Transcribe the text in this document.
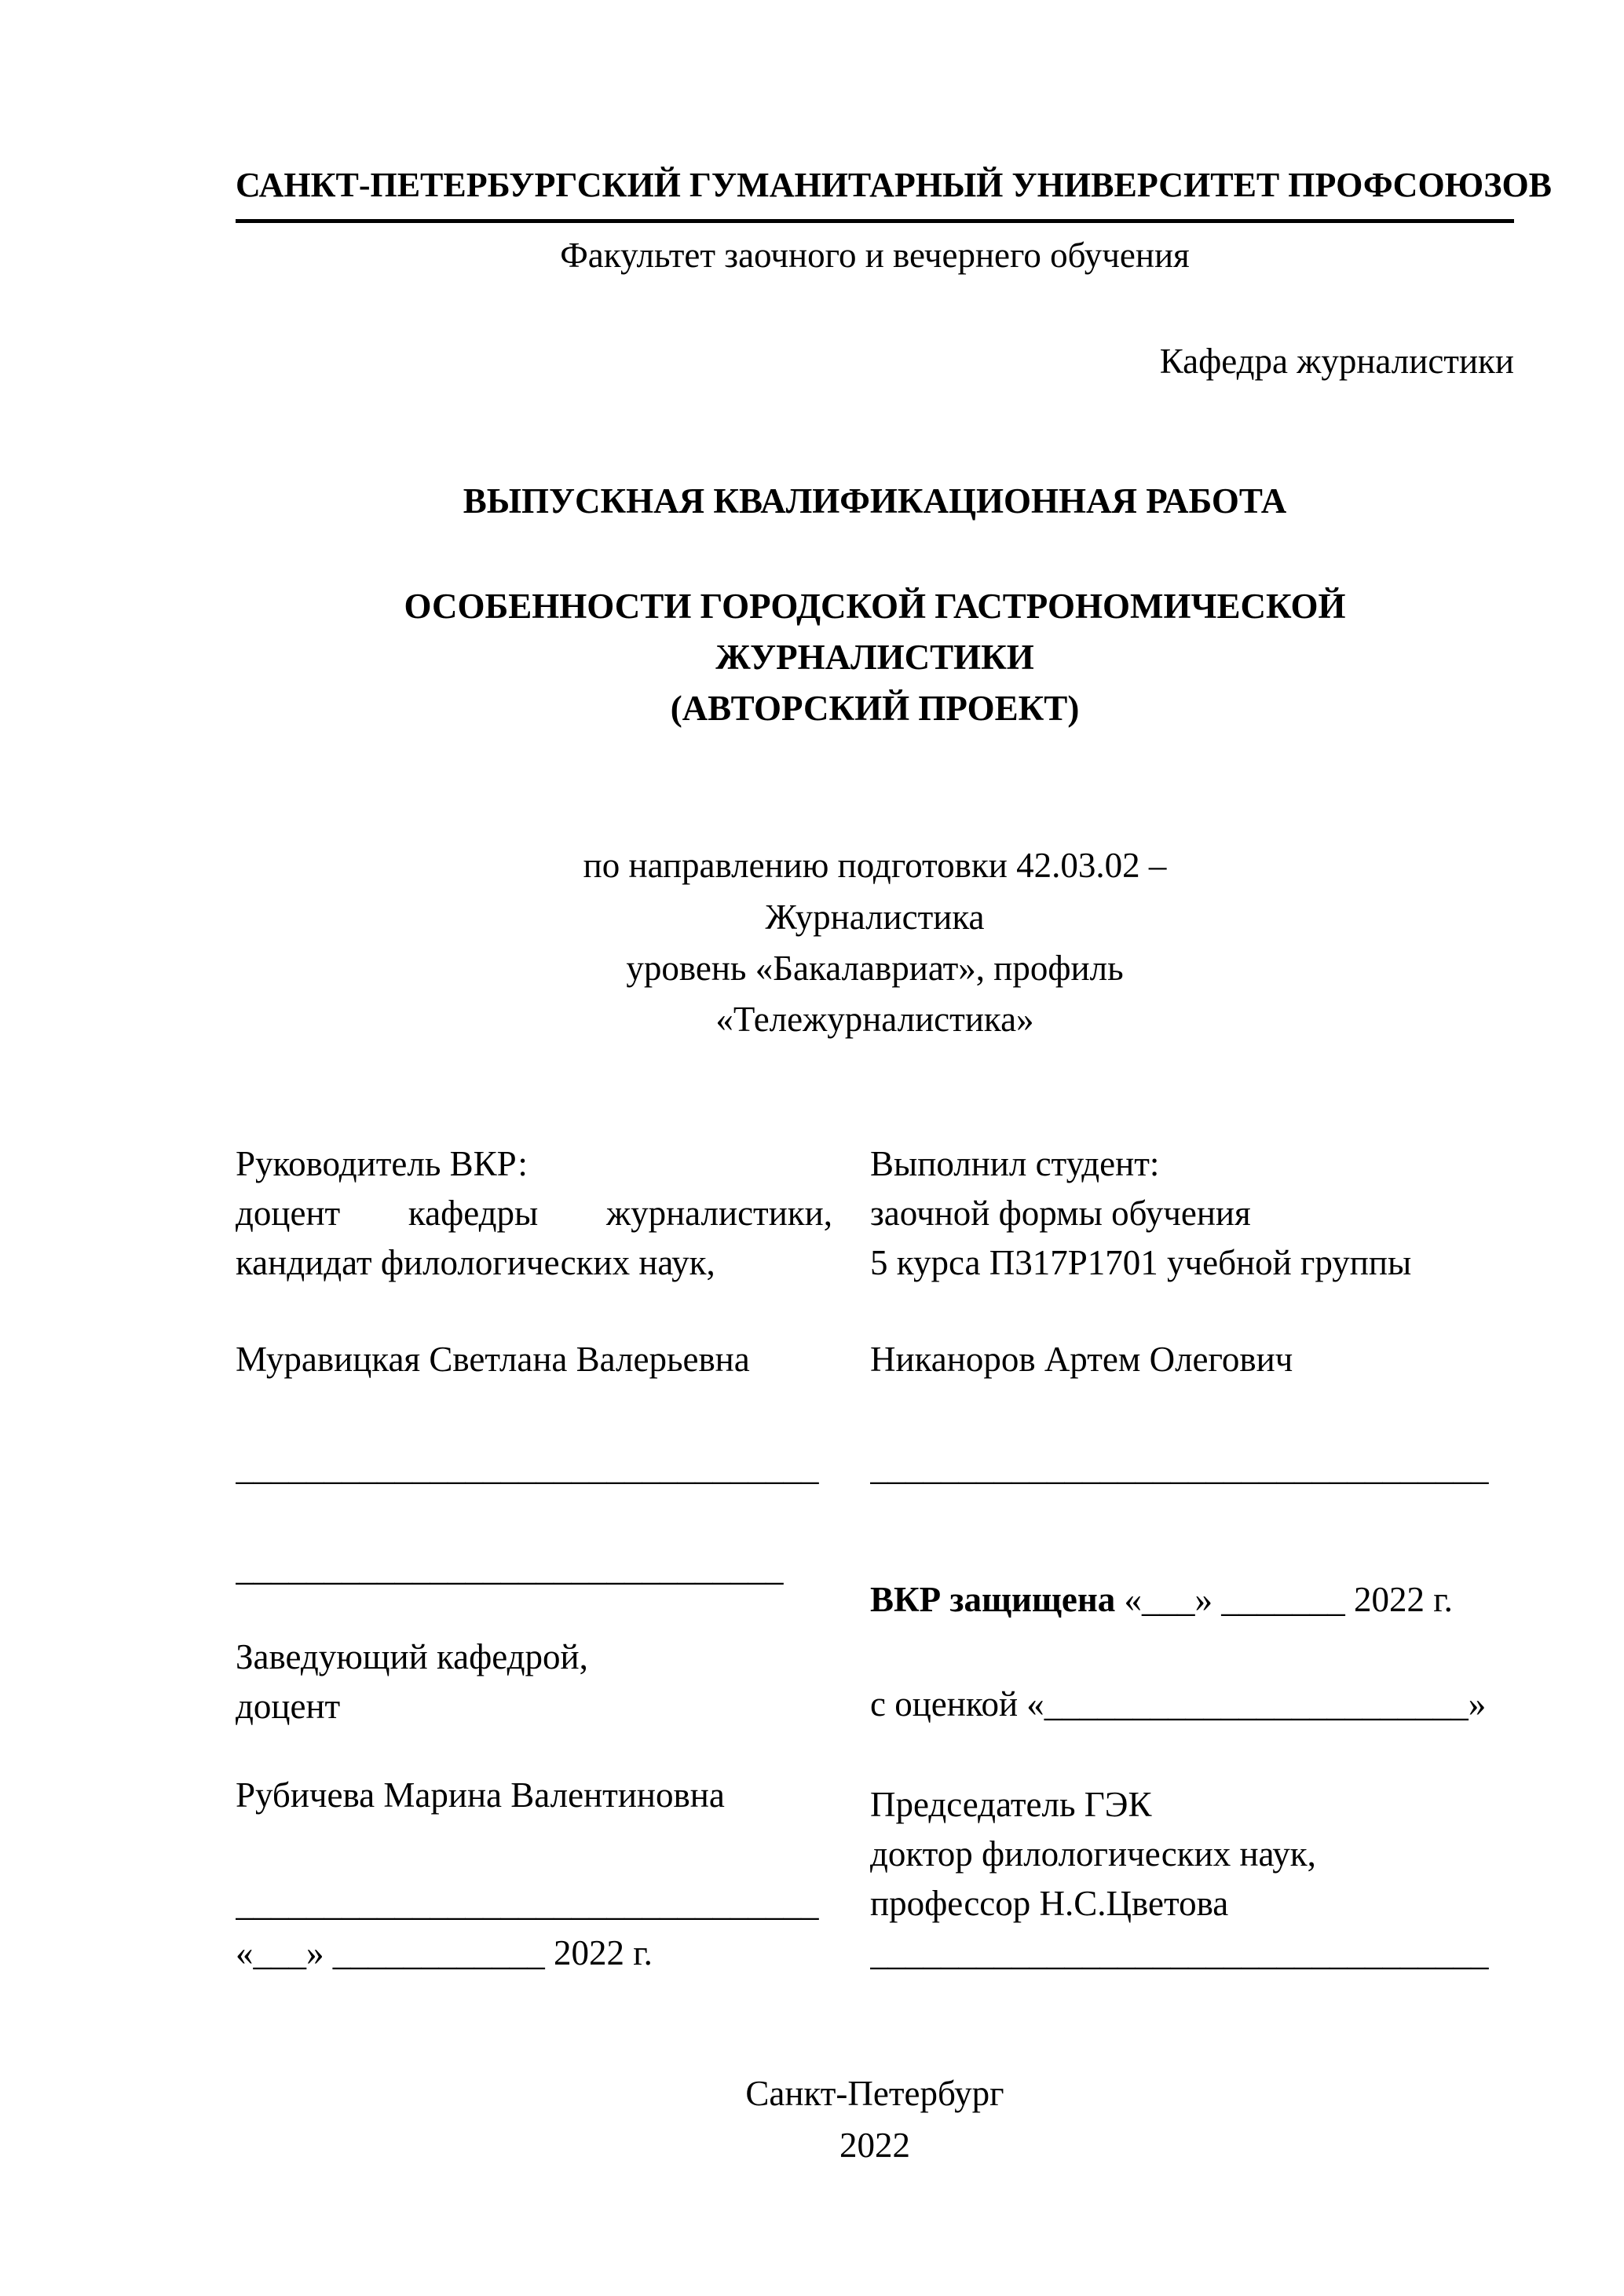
САНКТ-ПЕТЕРБУРГСКИЙ ГУМАНИТАРНЫЙ УНИВЕРСИТЕТ ПРОФСОЮЗОВ
Факультет заочного и вечернего обучения
Кафедра журналистики
ВЫПУСКНАЯ КВАЛИФИКАЦИОННАЯ РАБОТА
ОСОБЕННОСТИ ГОРОДСКОЙ ГАСТРОНОМИЧЕСКОЙ
ЖУРНАЛИСТИКИ
(АВТОРСКИЙ ПРОЕКТ)
по направлению подготовки 42.03.02 –
Журналистика
уровень «Бакалавриат», профиль
«Тележурналистика»
Руководитель ВКР:
доцент кафедры журналистики,
кандидат филологических наук,
Муравицкая Светлана Валерьевна
_________________________________
_______________________________
Заведующий кафедрой,
доцент
Рубичева Марина Валентиновна
_________________________________
«___» ____________ 2022 г.
Выполнил студент:
заочной формы обучения
5 курса П317Р1701 учебной группы
Никаноров Артем Олегович
___________________________________
ВКР защищена «___» _______ 2022 г.
с оценкой «________________________»
Председатель ГЭК
доктор филологических наук,
профессор Н.С.Цветова
___________________________________
Санкт-Петербург
2022
